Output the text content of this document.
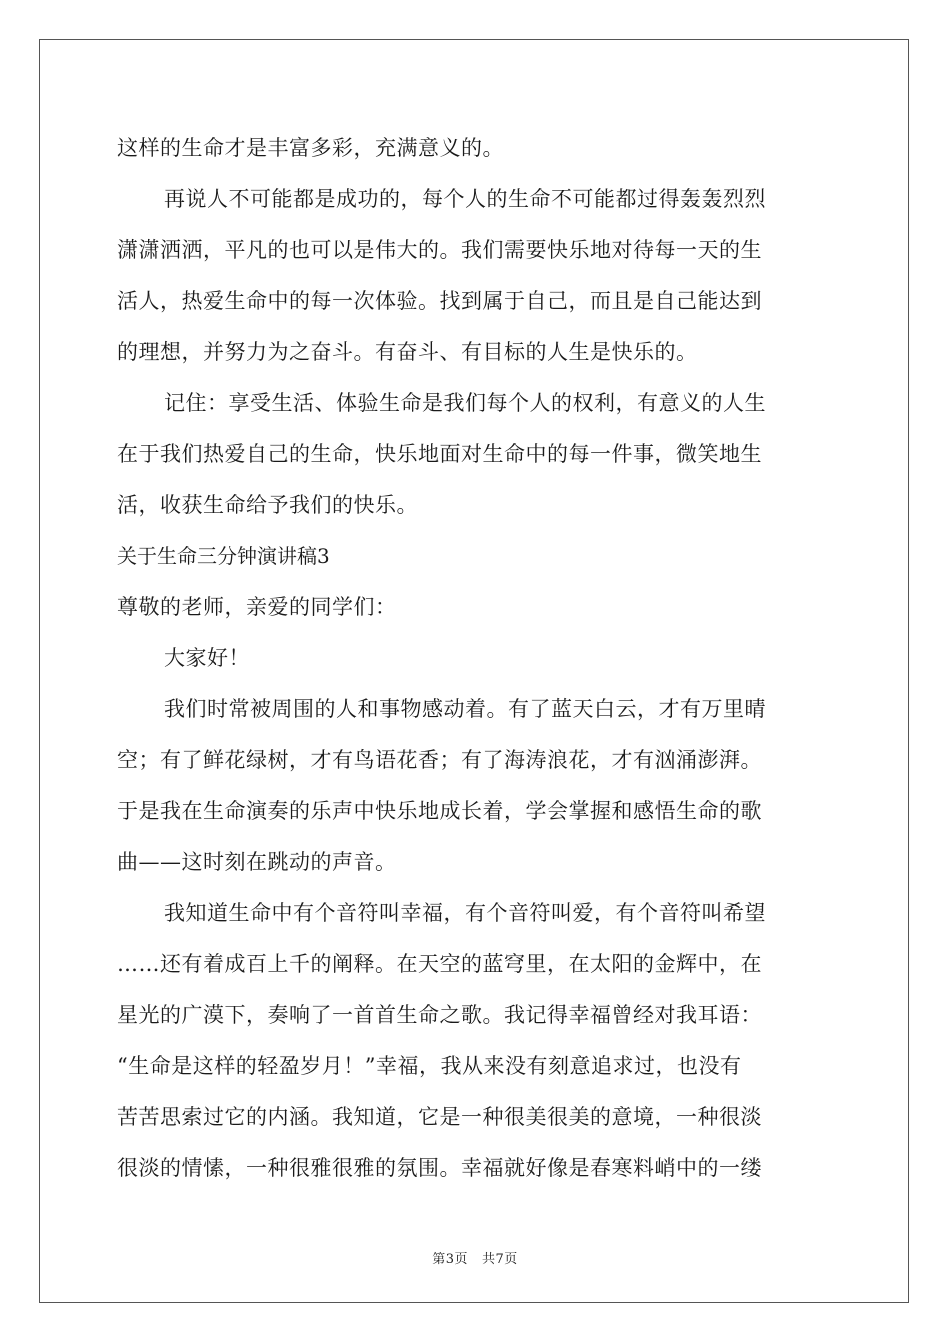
这样的生命才是丰富多彩，充满意义的。
再说人不可能都是成功的，每个人的生命不可能都过得轰轰烈烈
潇潇洒洒，平凡的也可以是伟大的。我们需要快乐地对待每一天的生
活人，热爱生命中的每一次体验。找到属于自己，而且是自己能达到
的理想，并努力为之奋斗。有奋斗、有目标的人生是快乐的。
记住：享受生活、体验生命是我们每个人的权利，有意义的人生
在于我们热爱自己的生命，快乐地面对生命中的每一件事，微笑地生
活，收获生命给予我们的快乐。
关于生命三分钟演讲稿3
尊敬的老师，亲爱的同学们：
大家好！
我们时常被周围的人和事物感动着。有了蓝天白云，才有万里晴
空；有了鲜花绿树，才有鸟语花香；有了海涛浪花，才有汹涌澎湃。
于是我在生命演奏的乐声中快乐地成长着，学会掌握和感悟生命的歌
曲——这时刻在跳动的声音。
我知道生命中有个音符叫幸福，有个音符叫爱，有个音符叫希望
……还有着成百上千的阐释。在天空的蓝穹里，在太阳的金辉中，在
星光的广漠下，奏响了一首首生命之歌。我记得幸福曾经对我耳语：
“生命是这样的轻盈岁月！”幸福，我从来没有刻意追求过，也没有
苦苦思索过它的内涵。我知道，它是一种很美很美的意境，一种很淡
很淡的情愫，一种很雅很雅的氛围。幸福就好像是春寒料峭中的一缕
第3页 共7页
